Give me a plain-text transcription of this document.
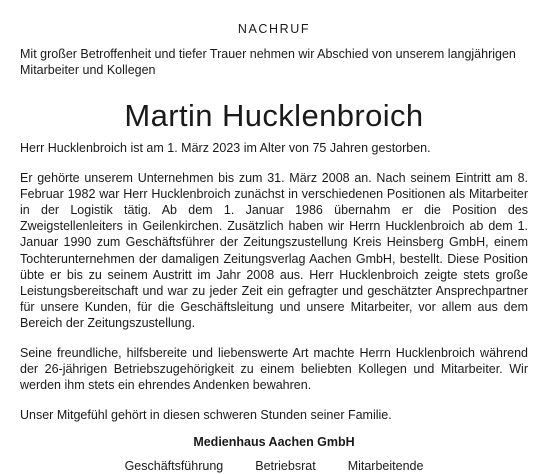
NACHRUF

Mit großer Betroffenheit und tiefer Trauer nehmen wir Abschied von unserem langjährigen Mitarbeiter und Kollegen

Martin Hucklenbroich

Herr Hucklenbroich ist am 1. März 2023 im Alter von 75 Jahren gestorben.

Er gehörte unserem Unternehmen bis zum 31. März 2008 an. Nach seinem Eintritt am 8. Februar 1982 war Herr Hucklenbroich zunächst in verschiedenen Positionen als Mitarbeiter in der Logistik tätig. Ab dem 1. Januar 1986 übernahm er die Position des Zweigstellenleiters in Geilenkirchen. Zusätzlich haben wir Herrn Hucklenbroich ab dem 1. Januar 1990 zum Geschäftsführer der Zeitungszustellung Kreis Heinsberg GmbH, einem Tochterunternehmen der damaligen Zeitungsverlag Aachen GmbH, bestellt. Diese Position übte er bis zu seinem Austritt im Jahr 2008 aus. Herr Hucklenbroich zeigte stets große Leistungsbereitschaft und war zu jeder Zeit ein gefragter und geschätzter Ansprechpartner für unsere Kunden, für die Geschäftsleitung und unsere Mitarbeiter, vor allem aus dem Bereich der Zeitungszustellung.

Seine freundliche, hilfsbereite und liebenswerte Art machte Herrn Hucklenbroich während der 26-jährigen Betriebszugehörigkeit zu einem beliebten Kollegen und Mitarbeiter. Wir werden ihm stets ein ehrendes Andenken bewahren.

Unser Mitgefühl gehört in diesen schweren Stunden seiner Familie.

Medienhaus Aachen GmbH
Geschäftsführung	Betriebsrat	Mitarbeitende
